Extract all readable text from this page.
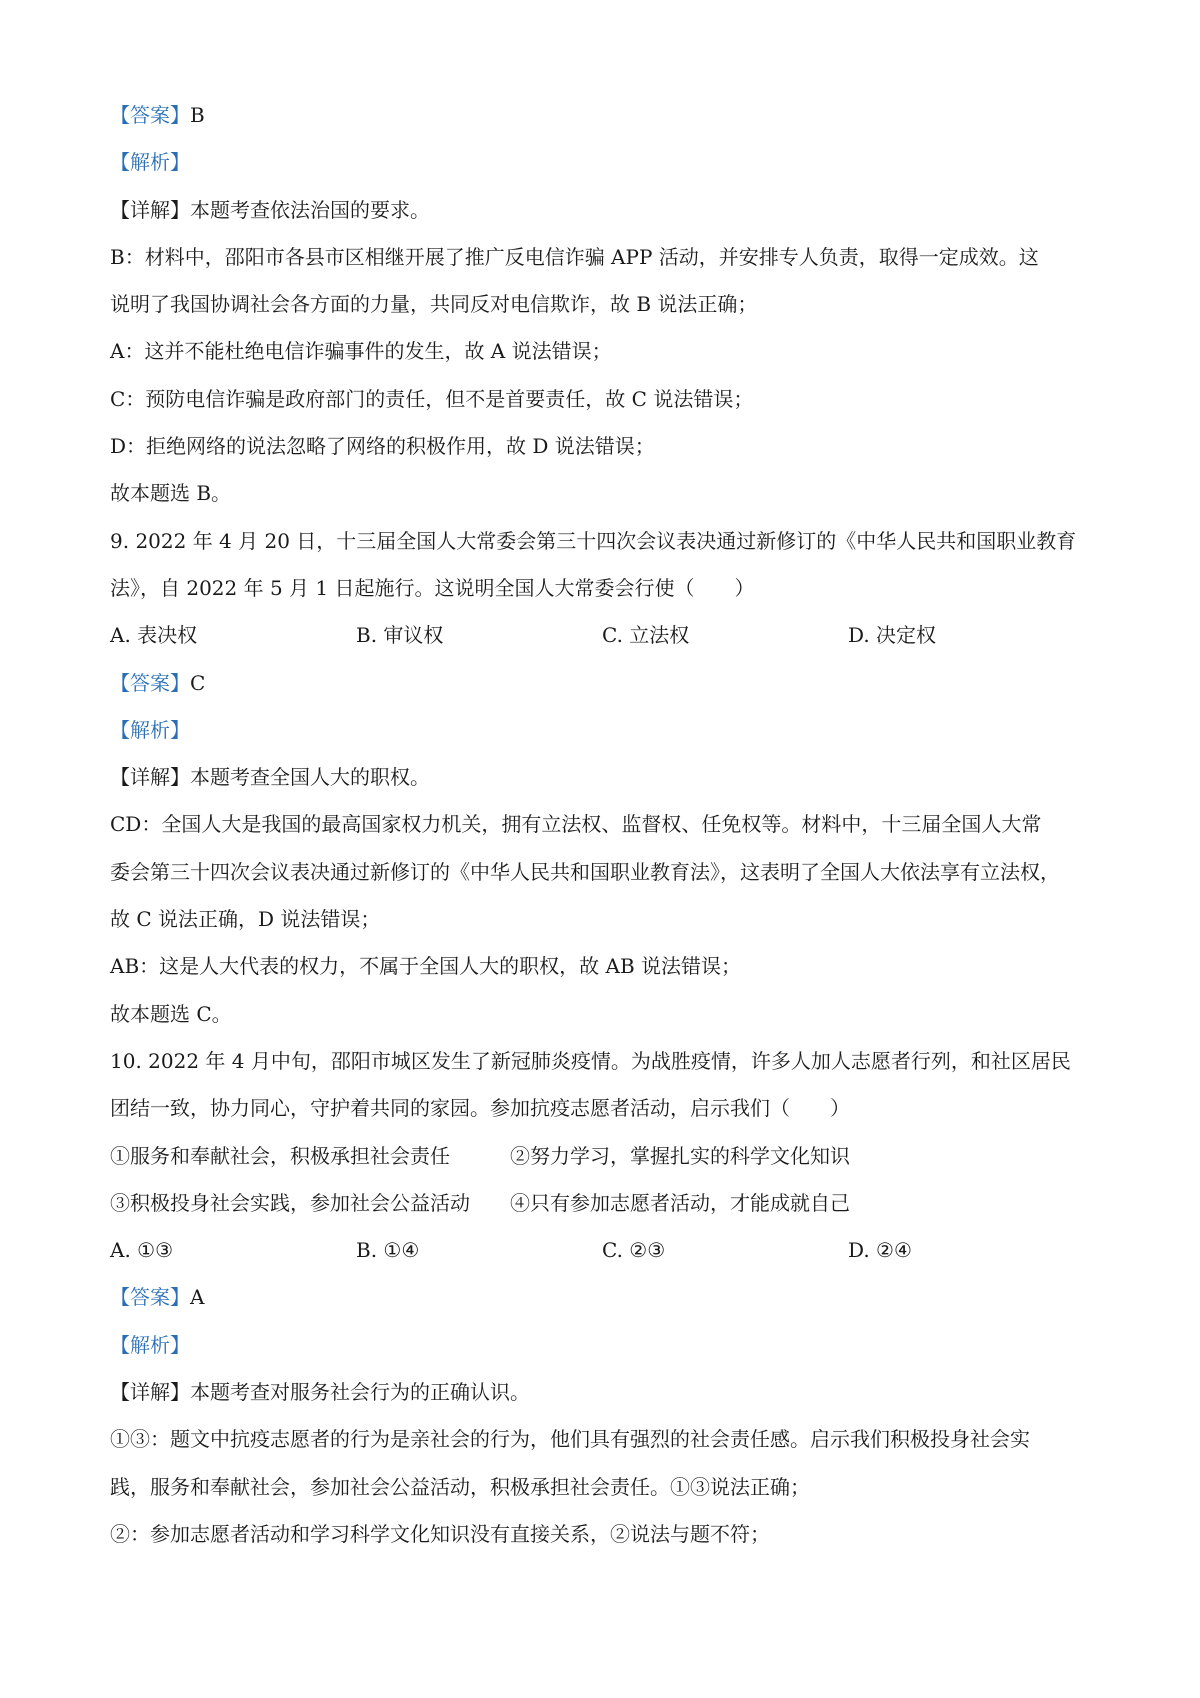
【答案】B
【解析】
【详解】本题考查依法治国的要求。
B：材料中，邵阳市各县市区相继开展了推广反电信诈骗 APP 活动，并安排专人负责，取得一定成效。这
说明了我国协调社会各方面的力量，共同反对电信欺诈，故 B 说法正确；
A：这并不能杜绝电信诈骗事件的发生，故 A 说法错误；
C：预防电信诈骗是政府部门的责任，但不是首要责任，故 C 说法错误；
D：拒绝网络的说法忽略了网络的积极作用，故 D 说法错误；
故本题选 B。
9. 2022 年 4 月 20 日，十三届全国人大常委会第三十四次会议表决通过新修订的《中华人民共和国职业教育
法》，自 2022 年 5 月 1 日起施行。这说明全国人大常委会行使（　　）
A. 表决权	B. 审议权	C. 立法权	D. 决定权
【答案】C
【解析】
【详解】本题考查全国人大的职权。
CD：全国人大是我国的最高国家权力机关，拥有立法权、监督权、任免权等。材料中，十三届全国人大常
委会第三十四次会议表决通过新修订的《中华人民共和国职业教育法》，这表明了全国人大依法享有立法权，
故 C 说法正确，D 说法错误；
AB：这是人大代表的权力，不属于全国人大的职权，故 AB 说法错误；
故本题选 C。
10. 2022 年 4 月中旬，邵阳市城区发生了新冠肺炎疫情。为战胜疫情，许多人加人志愿者行列，和社区居民
团结一致，协力同心，守护着共同的家园。参加抗疫志愿者活动，启示我们（　　）
①服务和奉献社会，积极承担社会责任　　　②努力学习，掌握扎实的科学文化知识
③积极投身社会实践，参加社会公益活动　　④只有参加志愿者活动，才能成就自己
A. ①③	B. ①④	C. ②③	D. ②④
【答案】A
【解析】
【详解】本题考查对服务社会行为的正确认识。
①③：题文中抗疫志愿者的行为是亲社会的行为，他们具有强烈的社会责任感。启示我们积极投身社会实
践，服务和奉献社会，参加社会公益活动，积极承担社会责任。①③说法正确；
②：参加志愿者活动和学习科学文化知识没有直接关系，②说法与题不符；
